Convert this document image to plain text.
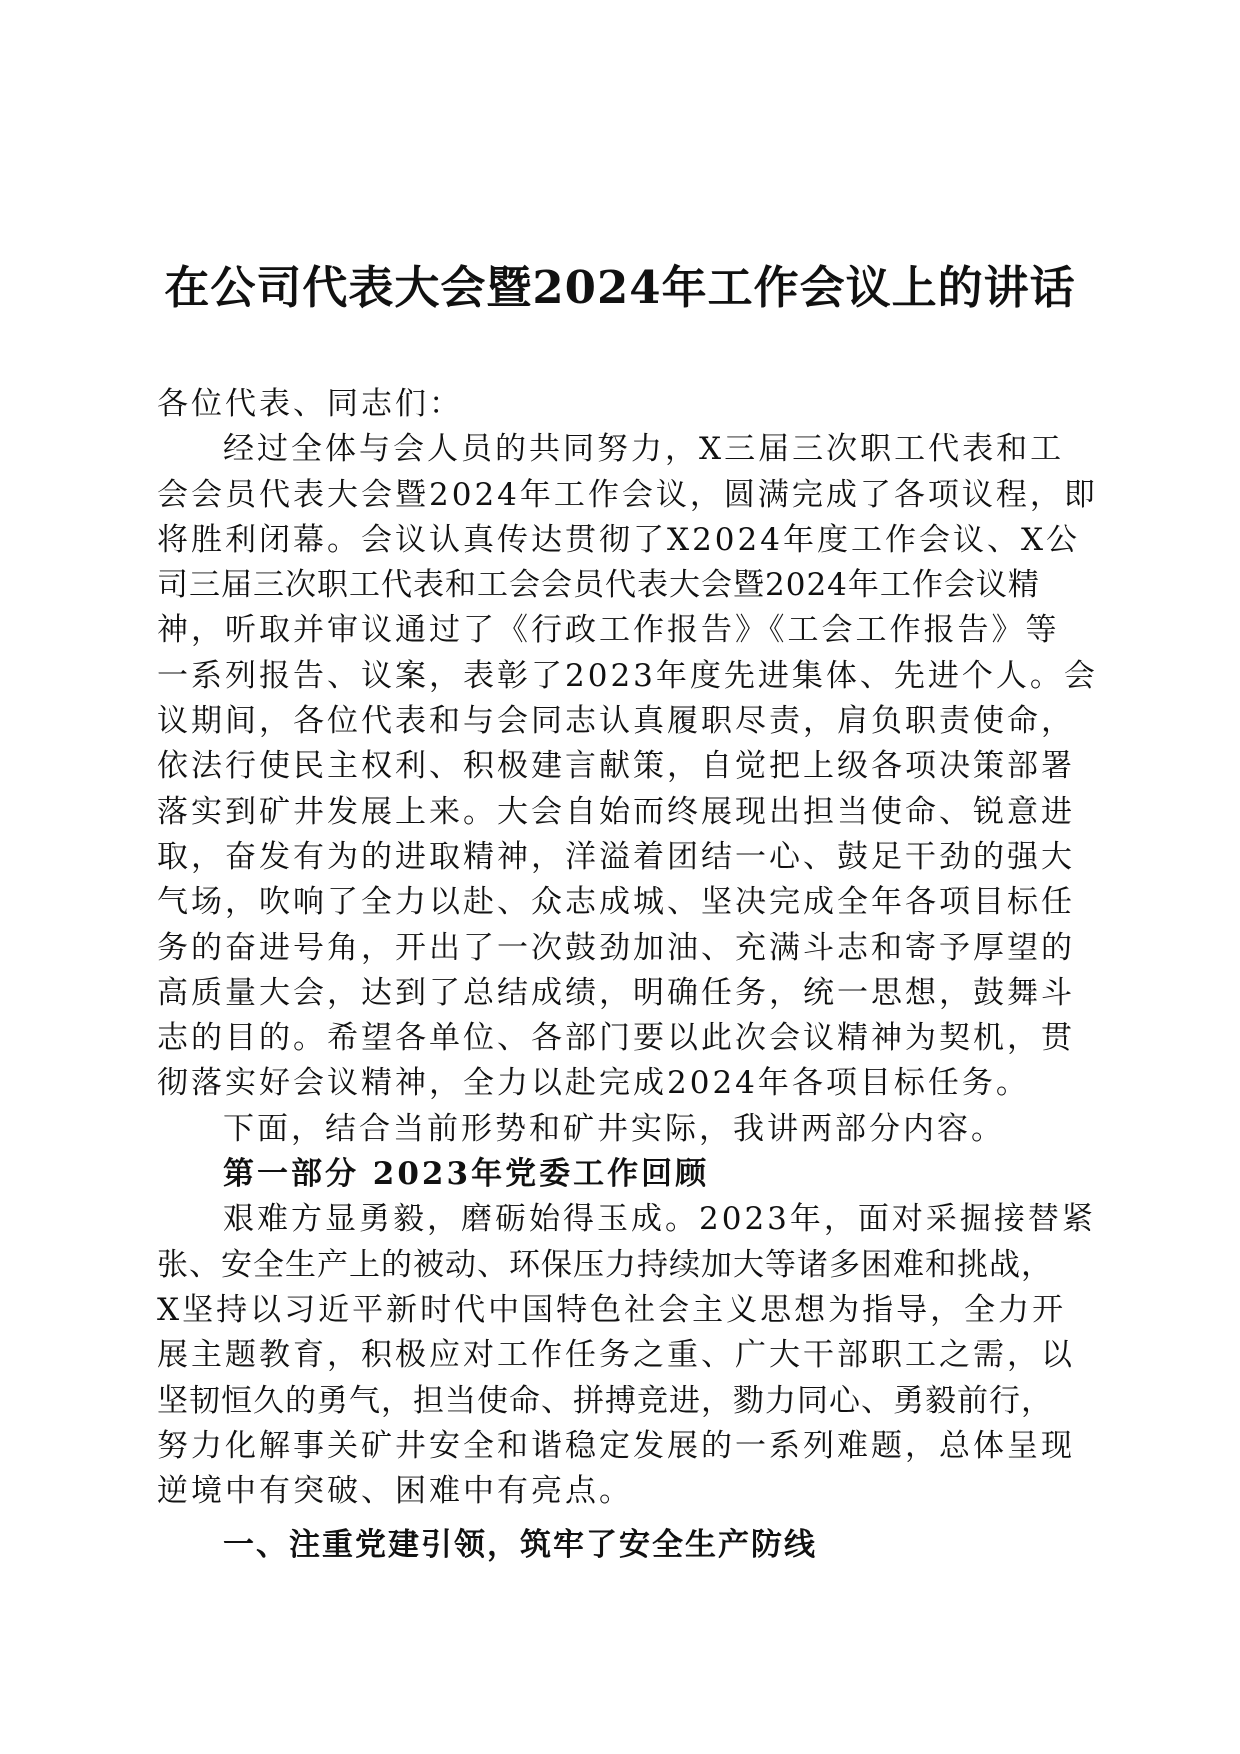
在公司代表大会暨2024年工作会议上的讲话
各位代表、同志们：
经过全体与会人员的共同努力，X三届三次职工代表和工
会会员代表大会暨2024年工作会议，圆满完成了各项议程，即
将胜利闭幕。会议认真传达贯彻了X2024年度工作会议、X公
司三届三次职工代表和工会会员代表大会暨2024年工作会议精
神，听取并审议通过了《行政工作报告》《工会工作报告》等
一系列报告、议案，表彰了2023年度先进集体、先进个人。会
议期间，各位代表和与会同志认真履职尽责，肩负职责使命，
依法行使民主权利、积极建言献策，自觉把上级各项决策部署
落实到矿井发展上来。大会自始而终展现出担当使命、锐意进
取，奋发有为的进取精神，洋溢着团结一心、鼓足干劲的强大
气场，吹响了全力以赴、众志成城、坚决完成全年各项目标任
务的奋进号角，开出了一次鼓劲加油、充满斗志和寄予厚望的
高质量大会，达到了总结成绩，明确任务，统一思想，鼓舞斗
志的目的。希望各单位、各部门要以此次会议精神为契机，贯
彻落实好会议精神，全力以赴完成2024年各项目标任务。
下面，结合当前形势和矿井实际，我讲两部分内容。
第一部分 2023年党委工作回顾
艰难方显勇毅，磨砺始得玉成。2023年，面对采掘接替紧
张、安全生产上的被动、环保压力持续加大等诸多困难和挑战，
X坚持以习近平新时代中国特色社会主义思想为指导，全力开
展主题教育，积极应对工作任务之重、广大干部职工之需，以
坚韧恒久的勇气，担当使命、拼搏竞进，勠力同心、勇毅前行，
努力化解事关矿井安全和谐稳定发展的一系列难题，总体呈现
逆境中有突破、困难中有亮点。
一、注重党建引领，筑牢了安全生产防线
